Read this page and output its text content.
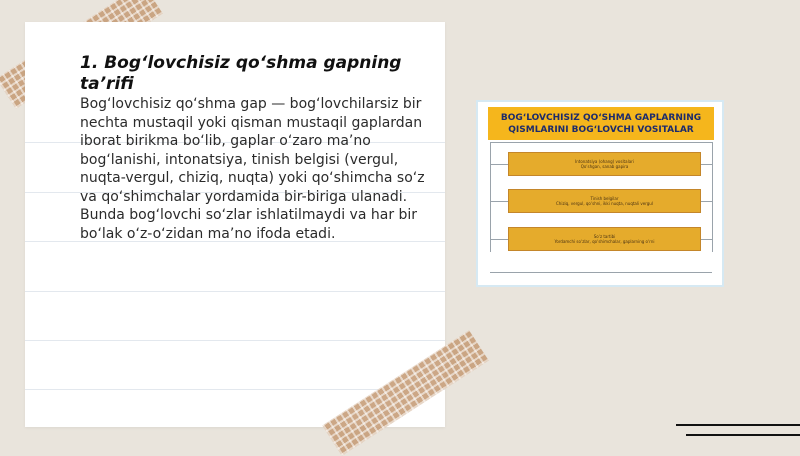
1. Bog‘lovchisiz qo‘shma gapning ta’rifi
Bog‘lovchisiz qo‘shma gap — bog‘lovchilarsiz bir nechta mustaqil yoki qisman mustaqil gaplardan iborat birikma bo‘lib, gaplar o‘zaro ma’no bog‘lanishi, intonatsiya, tinish belgisi (vergul, nuqta-vergul, chiziq, nuqta) yoki qo‘shimcha so‘z va qo‘shimchalar yordamida bir-biriga ulanadi. Bunda bog‘lovchi so‘zlar ishlatilmaydi va har bir bo‘lak o‘z-o‘zidan ma’no ifoda etadi.
BOG‘LOVCHISIZ QO‘SHMA GAPLARNING QISMLARINI BOG‘LOVCHI VOSITALAR
Intonatsiya (ohang) vositalari
Qo‘shgan, sanab gapira
Tinish belgilar
Chiziq, vergul, qo‘shni, ikki nuqta, nuqtali vergul
So‘z tartibi
Yordamchi so‘zlar, qo‘shimchalar, gaplarning o‘rni
